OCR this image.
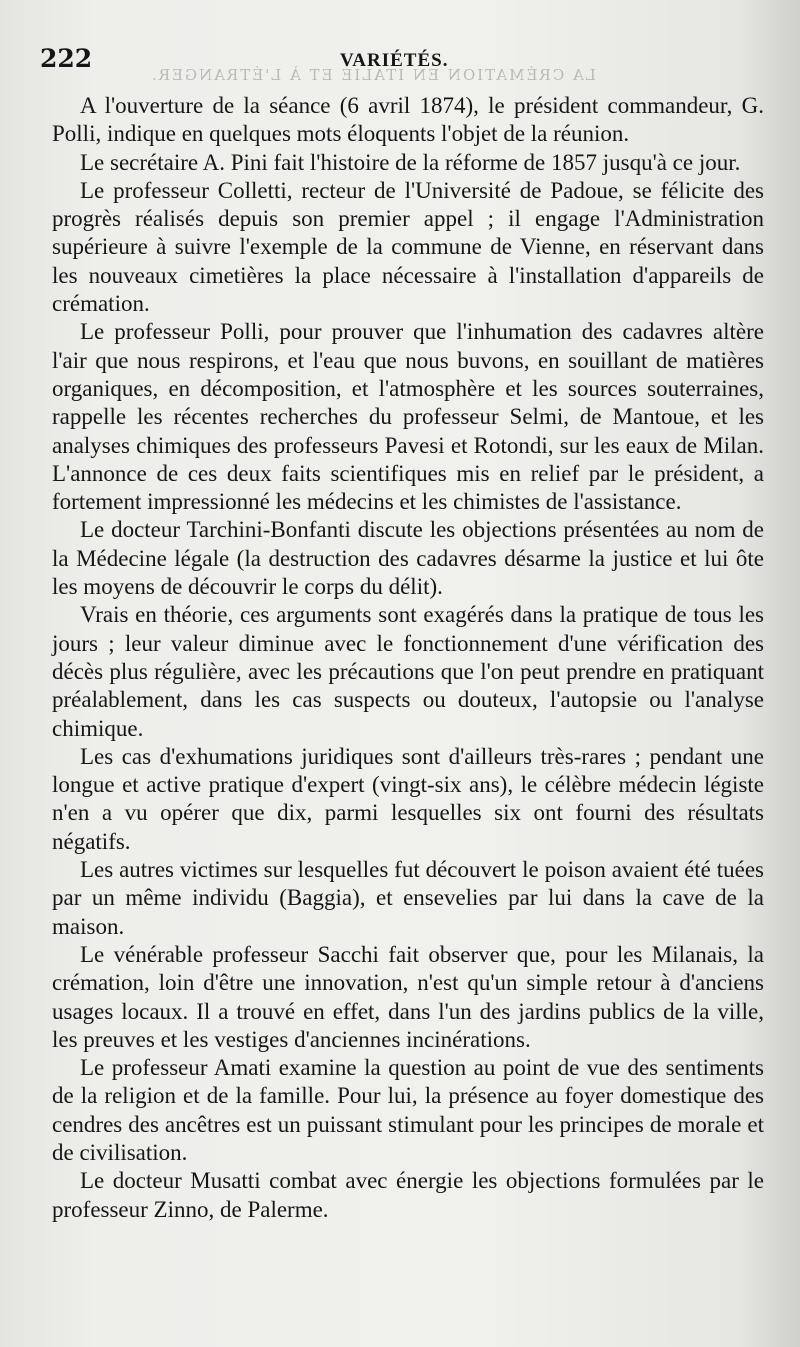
LA CRÉMATION EN ITALIE ET À L'ÉTRANGER.
222	VARIÉTÉS.

A l'ouverture de la séance (6 avril 1874), le président commandeur, G. Polli, indique en quelques mots éloquents l'objet de la réunion.

Le secrétaire A. Pini fait l'histoire de la réforme de 1857 jusqu'à ce jour.

Le professeur Colletti, recteur de l'Université de Padoue, se félicite des progrès réalisés depuis son premier appel ; il engage l'Administration supérieure à suivre l'exemple de la commune de Vienne, en réservant dans les nouveaux cimetières la place nécessaire à l'installation d'appareils de crémation.

Le professeur Polli, pour prouver que l'inhumation des cadavres altère l'air que nous respirons, et l'eau que nous buvons, en souillant de matières organiques, en décomposition, et l'atmosphère et les sources souterraines, rappelle les récentes recherches du professeur Selmi, de Mantoue, et les analyses chimiques des professeurs Pavesi et Rotondi, sur les eaux de Milan. L'annonce de ces deux faits scientifiques mis en relief par le président, a fortement impressionné les médecins et les chimistes de l'assistance.

Le docteur Tarchini-Bonfanti discute les objections présentées au nom de la Médecine légale (la destruction des cadavres désarme la justice et lui ôte les moyens de découvrir le corps du délit).

Vrais en théorie, ces arguments sont exagérés dans la pratique de tous les jours ; leur valeur diminue avec le fonctionnement d'une vérification des décès plus régulière, avec les précautions que l'on peut prendre en pratiquant préalablement, dans les cas suspects ou douteux, l'autopsie ou l'analyse chimique.

Les cas d'exhumations juridiques sont d'ailleurs très-rares ; pendant une longue et active pratique d'expert (vingt-six ans), le célèbre médecin légiste n'en a vu opérer que dix, parmi lesquelles six ont fourni des résultats négatifs.

Les autres victimes sur lesquelles fut découvert le poison avaient été tuées par un même individu (Baggia), et ensevelies par lui dans la cave de la maison.

Le vénérable professeur Sacchi fait observer que, pour les Milanais, la crémation, loin d'être une innovation, n'est qu'un simple retour à d'anciens usages locaux. Il a trouvé en effet, dans l'un des jardins publics de la ville, les preuves et les vestiges d'anciennes incinérations.

Le professeur Amati examine la question au point de vue des sentiments de la religion et de la famille. Pour lui, la présence au foyer domestique des cendres des ancêtres est un puissant stimulant pour les principes de morale et de civilisation.

Le docteur Musatti combat avec énergie les objections formulées par le professeur Zinno, de Palerme.
